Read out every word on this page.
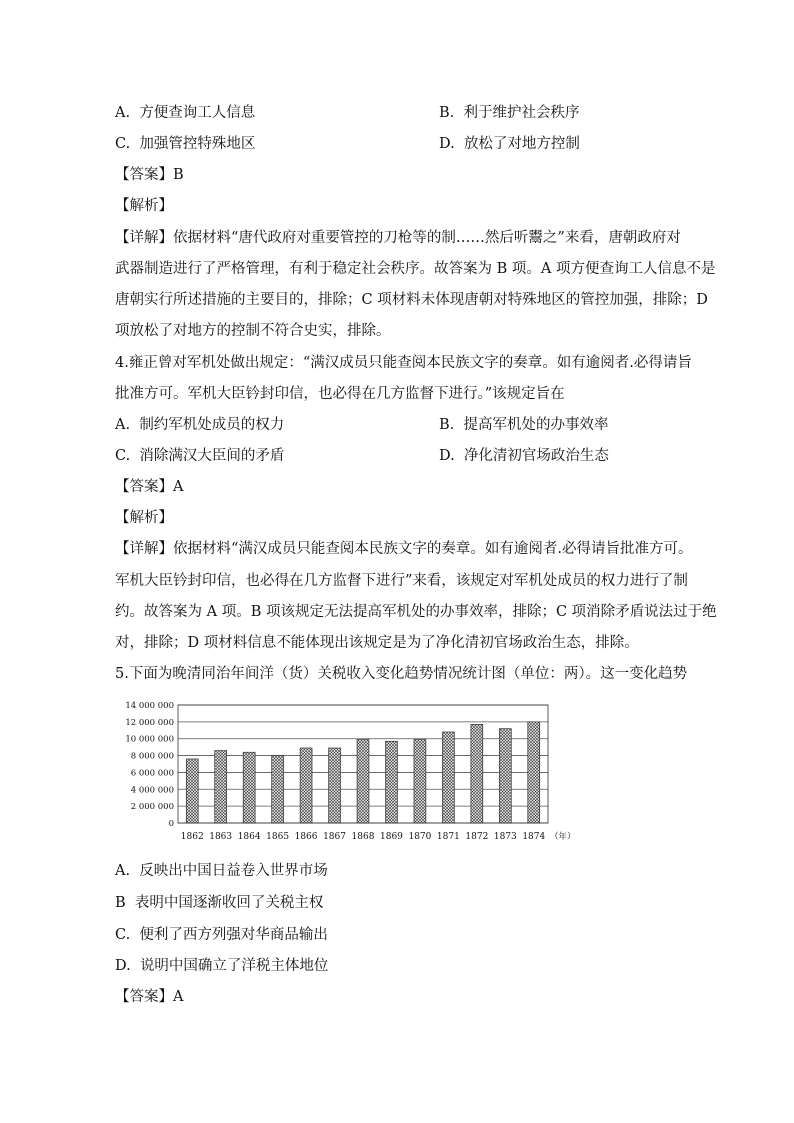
A. 方便查询工人信息	B. 利于维护社会秩序
C. 加强管控特殊地区	D. 放松了对地方控制
【答案】B
【解析】
【详解】依据材料“唐代政府对重要管控的刀枪等的制……然后听鬻之”来看，唐朝政府对
武器制造进行了严格管理，有利于稳定社会秩序。故答案为 B 项。A 项方便查询工人信息不是
唐朝实行所述措施的主要目的，排除；C 项材料未体现唐朝对特殊地区的管控加强，排除；D
项放松了对地方的控制不符合史实，排除。
4.雍正曾对军机处做出规定：“满汉成员只能查阅本民族文字的奏章。如有逾阅者.必得请旨
批准方可。军机大臣钤封印信，也必得在几方监督下进行。”该规定旨在
A. 制约军机处成员的权力	B. 提高军机处的办事效率
C. 消除满汉大臣间的矛盾	D. 净化清初官场政治生态
【答案】A
【解析】
【详解】依据材料“满汉成员只能查阅本民族文字的奏章。如有逾阅者.必得请旨批准方可。
军机大臣钤封印信，也必得在几方监督下进行”来看，该规定对军机处成员的权力进行了制
约。故答案为 A 项。B 项该规定无法提高军机处的办事效率，排除；C 项消除矛盾说法过于绝
对，排除；D 项材料信息不能体现出该规定是为了净化清初官场政治生态，排除。
5.下面为晚清同治年间洋（货）关税收入变化趋势情况统计图（单位：两）。这一变化趋势
0
2 000 000
4 000 000
6 000 000
8 000 000
10 000 000
12 000 000
14 000 000
1862 1863 1864 1865 1866 1867 1868 1869 1870 1871 1872 1873 1874 （年）
A. 反映出中国日益卷入世界市场
B 表明中国逐渐收回了关税主权
C. 便利了西方列强对华商品输出
D. 说明中国确立了洋税主体地位
【答案】A
